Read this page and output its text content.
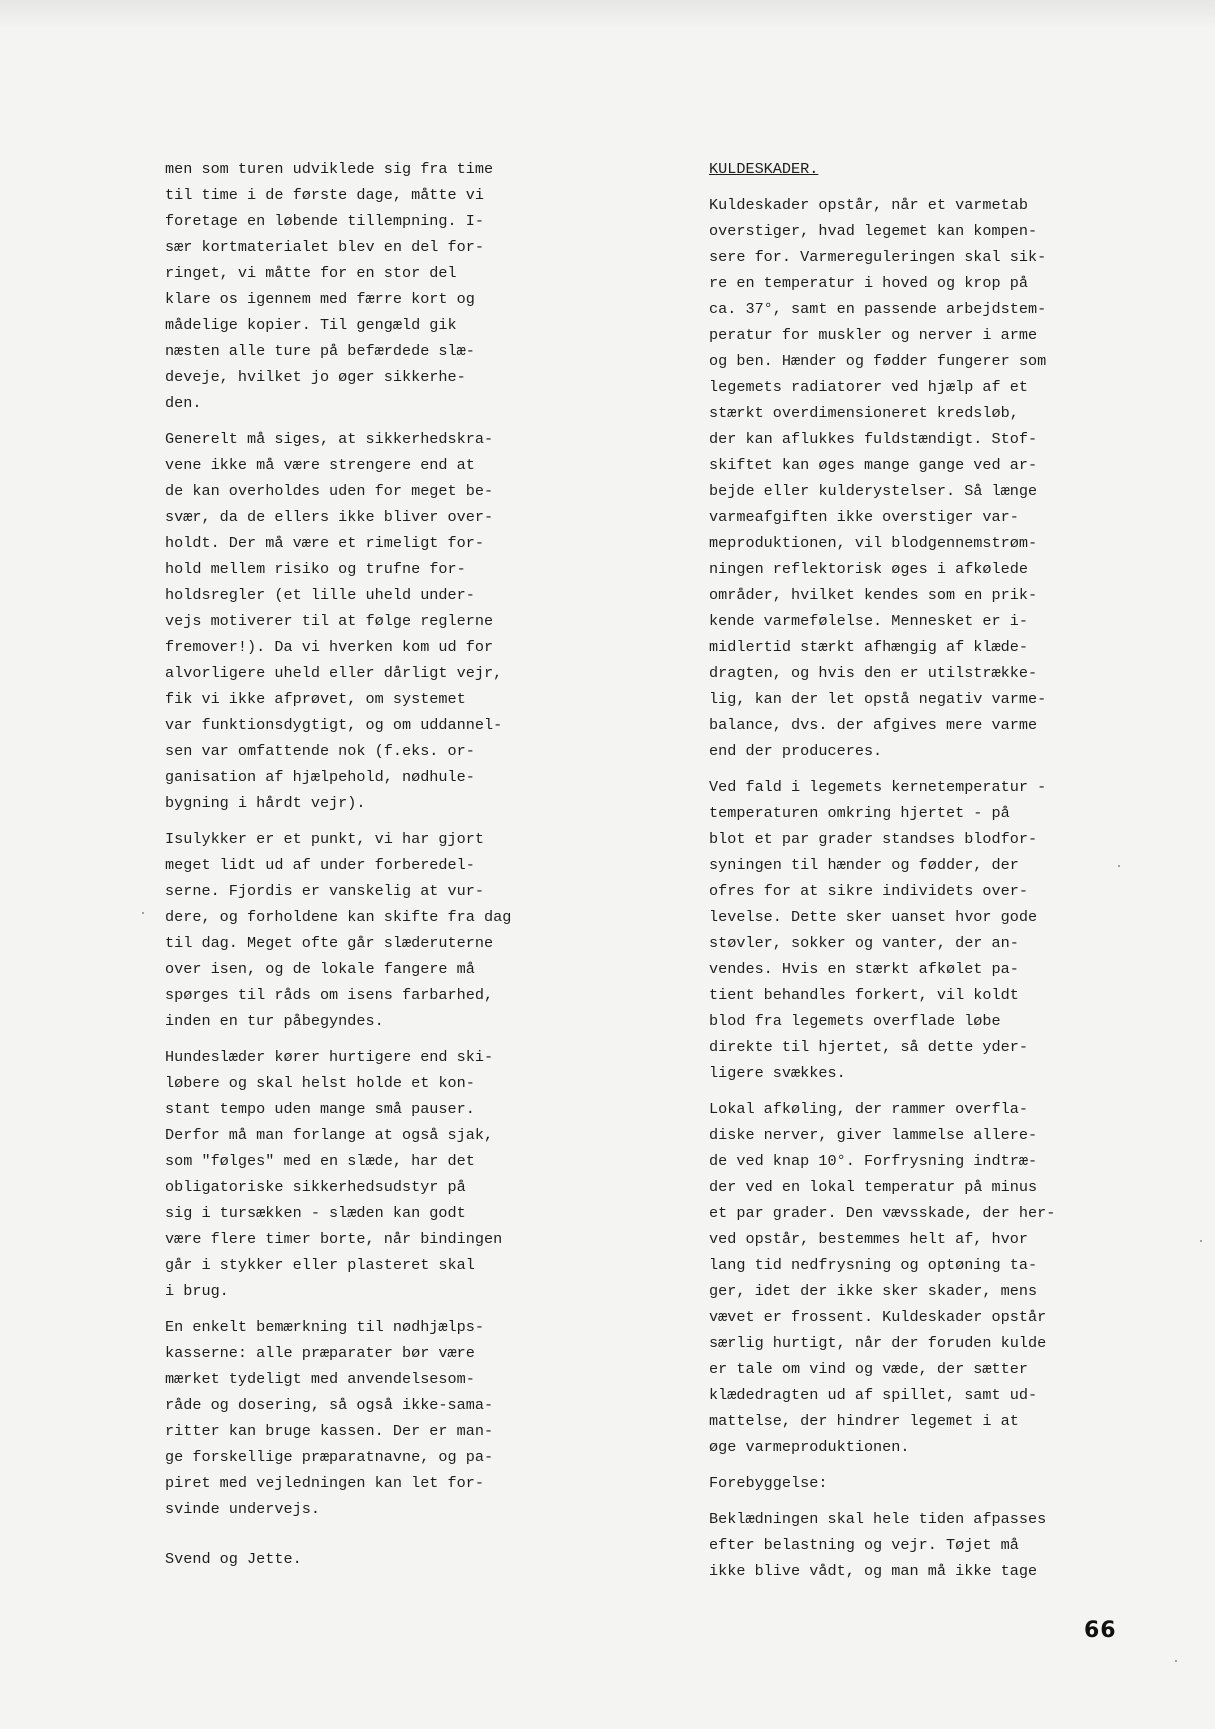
men som turen udviklede sig fra time
til time i de første dage, måtte vi
foretage en løbende tillempning. I-
sær kortmaterialet blev en del for-
ringet, vi måtte for en stor del
klare os igennem med færre kort og
mådelige kopier. Til gengæld gik
næsten alle ture på befærdede slæ-
deveje, hvilket jo øger sikkerhe-
den.

Generelt må siges, at sikkerhedskra-
vene ikke må være strengere end at
de kan overholdes uden for meget be-
svær, da de ellers ikke bliver over-
holdt. Der må være et rimeligt for-
hold mellem risiko og trufne for-
holdsregler (et lille uheld under-
vejs motiverer til at følge reglerne
fremover!). Da vi hverken kom ud for
alvorligere uheld eller dårligt vejr,
fik vi ikke afprøvet, om systemet
var funktionsdygtigt, og om uddannel-
sen var omfattende nok (f.eks. or-
ganisation af hjælpehold, nødhule-
bygning i hårdt vejr).

Isulykker er et punkt, vi har gjort
meget lidt ud af under forberedel-
serne. Fjordis er vanskelig at vur-
dere, og forholdene kan skifte fra dag
til dag. Meget ofte går slæderuterne
over isen, og de lokale fangere må
spørges til råds om isens farbarhed,
inden en tur påbegyndes.

Hundeslæder kører hurtigere end ski-
løbere og skal helst holde et kon-
stant tempo uden mange små pauser.
Derfor må man forlange at også sjak,
som "følges" med en slæde, har det
obligatoriske sikkerhedsudstyr på
sig i tursækken - slæden kan godt
være flere timer borte, når bindingen
går i stykker eller plasteret skal
i brug.

En enkelt bemærkning til nødhjælps-
kasserne: alle præparater bør være
mærket tydeligt med anvendelsesom-
råde og dosering, så også ikke-sama-
ritter kan bruge kassen. Der er man-
ge forskellige præparatnavne, og pa-
piret med vejledningen kan let for-
svinde undervejs.

Svend og Jette.
KULDESKADER.

Kuldeskader opstår, når et varmetab
overstiger, hvad legemet kan kompen-
sere for. Varmereguleringen skal sik-
re en temperatur i hoved og krop på
ca. 37°, samt en passende arbejdstem-
peratur for muskler og nerver i arme
og ben. Hænder og fødder fungerer som
legemets radiatorer ved hjælp af et
stærkt overdimensioneret kredsløb,
der kan aflukkes fuldstændigt. Stof-
skiftet kan øges mange gange ved ar-
bejde eller kulderystelser. Så længe
varmeafgiften ikke overstiger var-
meproduktionen, vil blodgennemstrøm-
ningen reflektorisk øges i afkølede
områder, hvilket kendes som en prik-
kende varmefølelse. Mennesket er i-
midlertid stærkt afhængig af klæde-
dragten, og hvis den er utilstrække-
lig, kan der let opstå negativ varme-
balance, dvs. der afgives mere varme
end der produceres.

Ved fald i legemets kernetemperatur -
temperaturen omkring hjertet - på
blot et par grader standses blodfor-
syningen til hænder og fødder, der
ofres for at sikre individets over-
levelse. Dette sker uanset hvor gode
støvler, sokker og vanter, der an-
vendes. Hvis en stærkt afkølet pa-
tient behandles forkert, vil koldt
blod fra legemets overflade løbe
direkte til hjertet, så dette yder-
ligere svækkes.

Lokal afkøling, der rammer overfla-
diske nerver, giver lammelse allere-
de ved knap 10°. Forfrysning indtræ-
der ved en lokal temperatur på minus
et par grader. Den vævsskade, der her-
ved opstår, bestemmes helt af, hvor
lang tid nedfrysning og optøning ta-
ger, idet der ikke sker skader, mens
vævet er frossent. Kuldeskader opstår
særlig hurtigt, når der foruden kulde
er tale om vind og væde, der sætter
klædedragten ud af spillet, samt ud-
mattelse, der hindrer legemet i at
øge varmeproduktionen.

Forebyggelse:

Beklædningen skal hele tiden afpasses
efter belastning og vejr. Tøjet må
ikke blive vådt, og man må ikke tage

66
